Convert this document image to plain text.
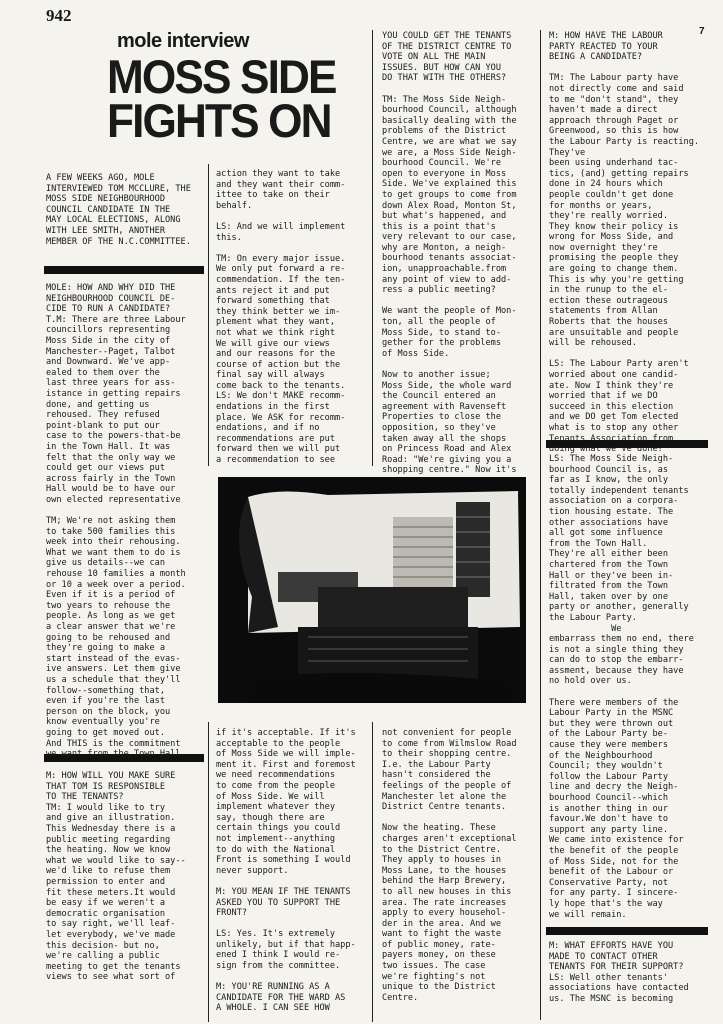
942
7
mole interview
MOSS SIDE
FIGHTS ON
A FEW WEEKS AGO, MOLE
INTERVIEWED TOM MCCLURE, THE
MOSS SIDE NEIGHBOURHOOD
COUNCIL CANDIDATE IN THE
MAY LOCAL ELECTIONS, ALONG
WITH LEE SMITH, ANOTHER
MEMBER OF THE N.C.COMMITTEE.
MOLE: HOW AND WHY DID THE
NEIGHBOURHOOD COUNCIL DE-
CIDE TO RUN A CANDIDATE?
T.M: There are three Labour
councillors representing
Moss Side in the city of
Manchester--Paget, Talbot
and Downward. We've app-
ealed to them over the
last three years for ass-
istance in getting repairs
done, and getting us
rehoused. They refused
point-blank to put our
case to the powers-that-be
in the Town Hall. It was
felt that the only way we
could get our views put
across fairly in the Town
Hall would be to have our
own elected representative

TM; We're not asking them
to take 500 families this
week into their rehousing.
What we want them to do is
give us details--we can
rehouse 10 families a month
or 10 a week over a period.
Even if it is a period of
two years to rehouse the
people. As long as we get
a clear answer that we're
going to be rehoused and
they're going to make a
start instead of the evas-
ive answers. Let them give
us a schedule that they'll
follow--something that,
even if you're the last
person on the block, you
know eventually you're
going to get moved out.
And THIS is the commitment
we want from the Town Hall.
M: HOW WILL YOU MAKE SURE
THAT TOM IS RESPONSIBLE
TO THE TENANTS?
TM: I would like to try
and give an illustration.
This Wednesday there is a
public meeting regarding
the heating. Now we know
what we would like to say--
we'd like to refuse them
permission to enter and
fit these meters.It would
be easy if we weren't a
democratic organisation
to say right, we'll leaf-
let everybody, we've made
this decision- but no,
we're calling a public
meeting to get the tenants
views to see what sort of
action they want to take
and they want their comm-
ittee to take on their
behalf.

LS: And we will implement
this.

TM: On every major issue.
We only put forward a re-
commendation. If the ten-
ants reject it and put
forward something that
they think better we im-
plement what they want,
not what we think right
We will give our views
and our reasons for the
course of action but the
final say will always
come back to the tenants.
LS: We don't MAKE recomm-
endations in the first
place. We ASK for recomm-
endations, and if no
recommendations are put
forward then we will put
a recommendation to see
if it's acceptable. If it's
acceptable to the people
of Moss Side we will imple-
ment it. First and foremost
we need recommendations
to come from the people
of Moss Side. We will
implement whatever they
say, though there are
certain things you could
not implement--anything
to do with the National
Front is something I would
never support.

M: YOU MEAN IF THE TENANTS
ASKED YOU TO SUPPORT THE
FRONT?

LS: Yes. It's extremely
unlikely, but if that happ-
ened I think I would re-
sign from the committee.

M: YOU'RE RUNNING AS A
CANDIDATE FOR THE WARD AS
A WHOLE. I CAN SEE HOW
YOU COULD GET THE TENANTS
OF THE DISTRICT CENTRE TO
VOTE ON ALL THE MAIN
ISSUES. BUT HOW CAN YOU
DO THAT WITH THE OTHERS?

TM: The Moss Side Neigh-
bourhood Council, although
basically dealing with the
problems of the District
Centre, we are what we say
we are, a Moss Side Neigh-
bourhood Council. We're
open to everyone in Moss
Side. We've explained this
to get groups to come from
down Alex Road, Monton St,
but what's happened, and
this is a point that's
very relevant to our case,
why are Monton, a neigh-
bourhood tenants associat-
ion, unapproachable.from
any point of view to add-
ress a public meeting?

We want the people of Mon-
ton, all the people of
Moss Side, to stand to-
gether for the problems
of Moss Side.

Now to another issue;
Moss Side, the whole ward
the Council entered an
agreement with Ravenseft
Properties to close the
opposition, so they've
taken away all the shops
on Princess Road and Alex
Road: "We're giving you a
shopping centre." Now it's
not convenient for people
to come from Wilmslow Road
to their shopping centre.
I.e. the Labour Party
hasn't considered the
feelings of the people of
Manchester let alone the
District Centre tenants.

Now the heating. These
charges aren't exceptional
to the District Centre.
They apply to houses in
Moss Lane, to the houses
behind the Harp Brewery,
to all new houses in this
area. The rate increases
apply to every househol-
der in the area. And we
want to fight the waste
of public money, rate-
payers money, on these
two issues. The case
we're fighting's not
unique to the District
Centre.
M: HOW HAVE THE LABOUR
PARTY REACTED TO YOUR
BEING A CANDIDATE?

TM: The Labour party have
not directly come and said
to me "don't stand", they
haven't made a direct
approach through Paget or
Greenwood, so this is how
the Labour Party is reacting. They've
been using underhand tac-
tics, (and) getting repairs
done in 24 hours which
people couldn't get done
for months or years,
they're really worried.
They know their policy is
wrong for Moss Side, and
now overnight they're
promising the people they
are going to change them.
This is why you're getting
in the runup to the el-
ection these outrageous
statements from Allan
Roberts that the houses
are unsuitable and people
will be rehoused.

LS: The Labour Party aren't
worried about one candid-
ate. Now I think they're
worried that if we DO
succeed in this election
and we DO get Tom elected
what is to stop any other
Tenants Association from
doing what we've done?
LS: The Moss Side Neigh-
bourhood Council is, as
far as I know, the only
totally independent tenants
association on a corpora-
tion housing estate. The
other associations have
all got some influence
from the Town Hall.
They're all either been
chartered from the Town
Hall or they've been in-
filtrated from the Town
Hall, taken over by one
party or another, generally
the Labour Party.
We
embarrass them no end, there
is not a single thing they
can do to stop the embarr-
assment, because they have
no hold over us.

There were members of the
Labour Party in the MSNC
but they were thrown out
of the Labour Party be-
cause they were members
of the Neighbourhood
Council; they wouldn't
follow the Labour Party
line and decry the Neigh-
bourhood Council--which
is another thing in our
favour.We don't have to
support any party line.
We came into existence for
the benefit of the people
of Moss Side, not for the
benefit of the Labour or
Conservative Party, not
for any party. I sincere-
ly hope that's the way
we will remain.
M: WHAT EFFORTS HAVE YOU
MADE TO CONTACT OTHER
TENANTS FOR THEIR SUPPORT?
LS: Well other tenants'
associations have contacted
us. The MSNC is becoming
